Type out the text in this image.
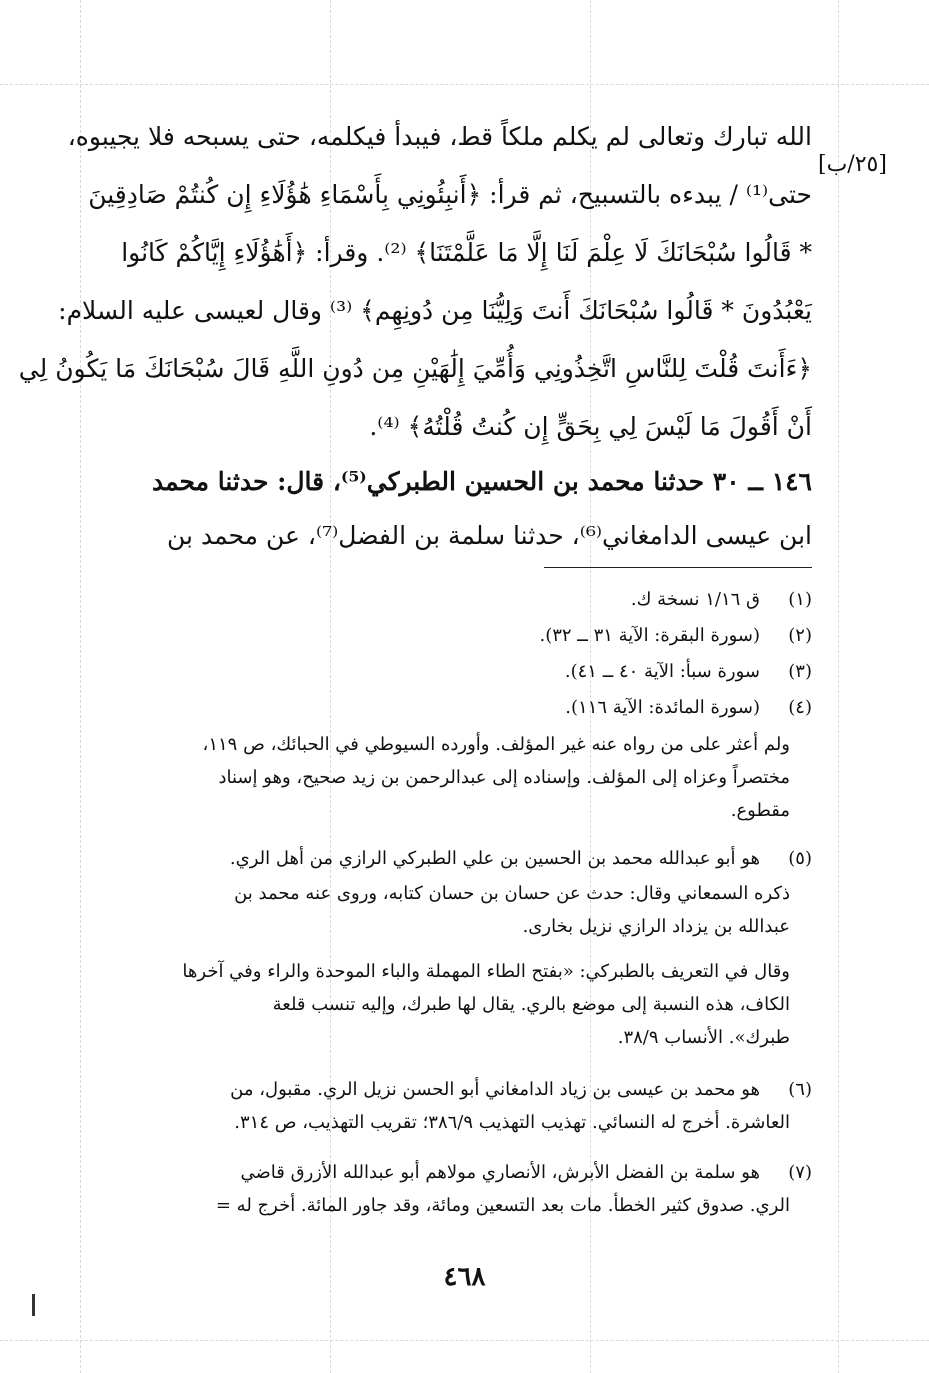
[٢٥/ب]
الله تبارك وتعالى لم يكلم ملكاً قط، فيبدأ فيكلمه، حتى يسبحه فلا يجيبوه،
حتى⁽¹⁾ / يبدءه بالتسبيح، ثم قرأ: ﴿أَنبِئُونِي بِأَسْمَاءِ هَٰؤُلَاءِ إِن كُنتُمْ صَادِقِينَ
* قَالُوا سُبْحَانَكَ لَا عِلْمَ لَنَا إِلَّا مَا عَلَّمْتَنَا﴾ ⁽²⁾. وقرأ: ﴿أَهَٰؤُلَاءِ إِيَّاكُمْ كَانُوا
يَعْبُدُونَ * قَالُوا سُبْحَانَكَ أَنتَ وَلِيُّنَا مِن دُونِهِم﴾ ⁽³⁾ وقال لعيسى عليه السلام:
﴿ءَأَنتَ قُلْتَ لِلنَّاسِ اتَّخِذُونِي وَأُمِّيَ إِلَٰهَيْنِ مِن دُونِ اللَّهِ قَالَ سُبْحَانَكَ مَا يَكُونُ لِي
أَنْ أَقُولَ مَا لَيْسَ لِي بِحَقٍّ إِن كُنتُ قُلْتُهُ﴾ ⁽⁴⁾.
١٤٦ ــ ٣٠ حدثنا محمد بن الحسين الطبركي⁽⁵⁾، قال: حدثنا محمد
ابن عيسى الدامغاني⁽⁶⁾، حدثنا سلمة بن الفضل⁽⁷⁾، عن محمد بن
(١)
ق ١/١٦ نسخة ك.
(٢)
(سورة البقرة: الآية ٣١ ــ ٣٢).
(٣)
سورة سبأ: الآية ٤٠ ــ ٤١).
(٤)
(سورة المائدة: الآية ١١٦).
ولم أعثر على من رواه عنه غير المؤلف. وأورده السيوطي في الحبائك، ص ١١٩،
مختصراً وعزاه إلى المؤلف. وإسناده إلى عبدالرحمن بن زيد صحيح، وهو إسناد
مقطوع.
(٥)
هو أبو عبدالله محمد بن الحسين بن علي الطبركي الرازي من أهل الري.
ذكره السمعاني وقال: حدث عن حسان بن حسان كتابه، وروى عنه محمد بن
عبدالله بن يزداد الرازي نزيل بخارى.
وقال في التعريف بالطبركي: «بفتح الطاء المهملة والباء الموحدة والراء وفي آخرها
الكاف، هذه النسبة إلى موضع بالري. يقال لها طبرك، وإليه تنسب قلعة
طبرك». الأنساب ٣٨/٩.
(٦)
هو محمد بن عيسى بن زياد الدامغاني أبو الحسن نزيل الري. مقبول، من
العاشرة. أخرج له النسائي. تهذيب التهذيب ٣٨٦/٩؛ تقريب التهذيب، ص ٣١٤.
(٧)
هو سلمة بن الفضل الأبرش، الأنصاري مولاهم أبو عبدالله الأزرق قاضي
الري. صدوق كثير الخطأ. مات بعد التسعين ومائة، وقد جاور المائة. أخرج له =
٤٦٨
